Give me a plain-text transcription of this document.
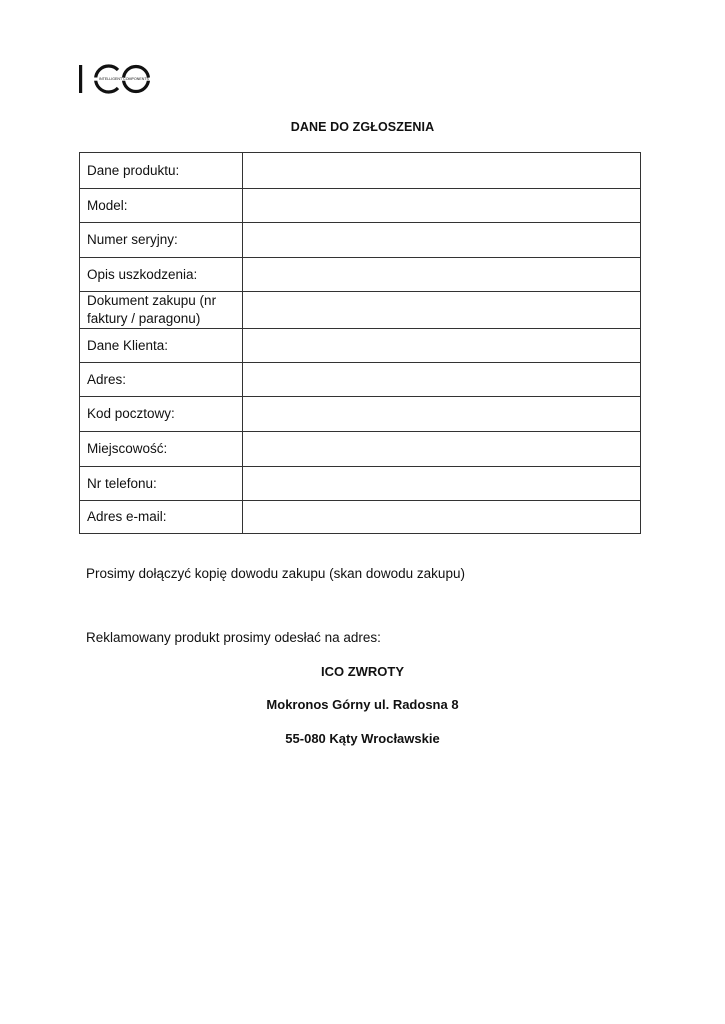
INTELLIGENT COMPONENTS
DANE DO ZGŁOSZENIA
Dane produktu:	
Model:	
Numer seryjny:	
Opis uszkodzenia:	
Dokument zakupu (nr faktury / paragonu)	
Dane Klienta:	
Adres:	
Kod pocztowy:	
Miejscowość:	
Nr telefonu:	
Adres e-mail:	
Prosimy dołączyć kopię dowodu zakupu (skan dowodu zakupu)
Reklamowany produkt prosimy odesłać na adres:
ICO ZWROTY
Mokronos Górny ul. Radosna 8
55-080 Kąty Wrocławskie
